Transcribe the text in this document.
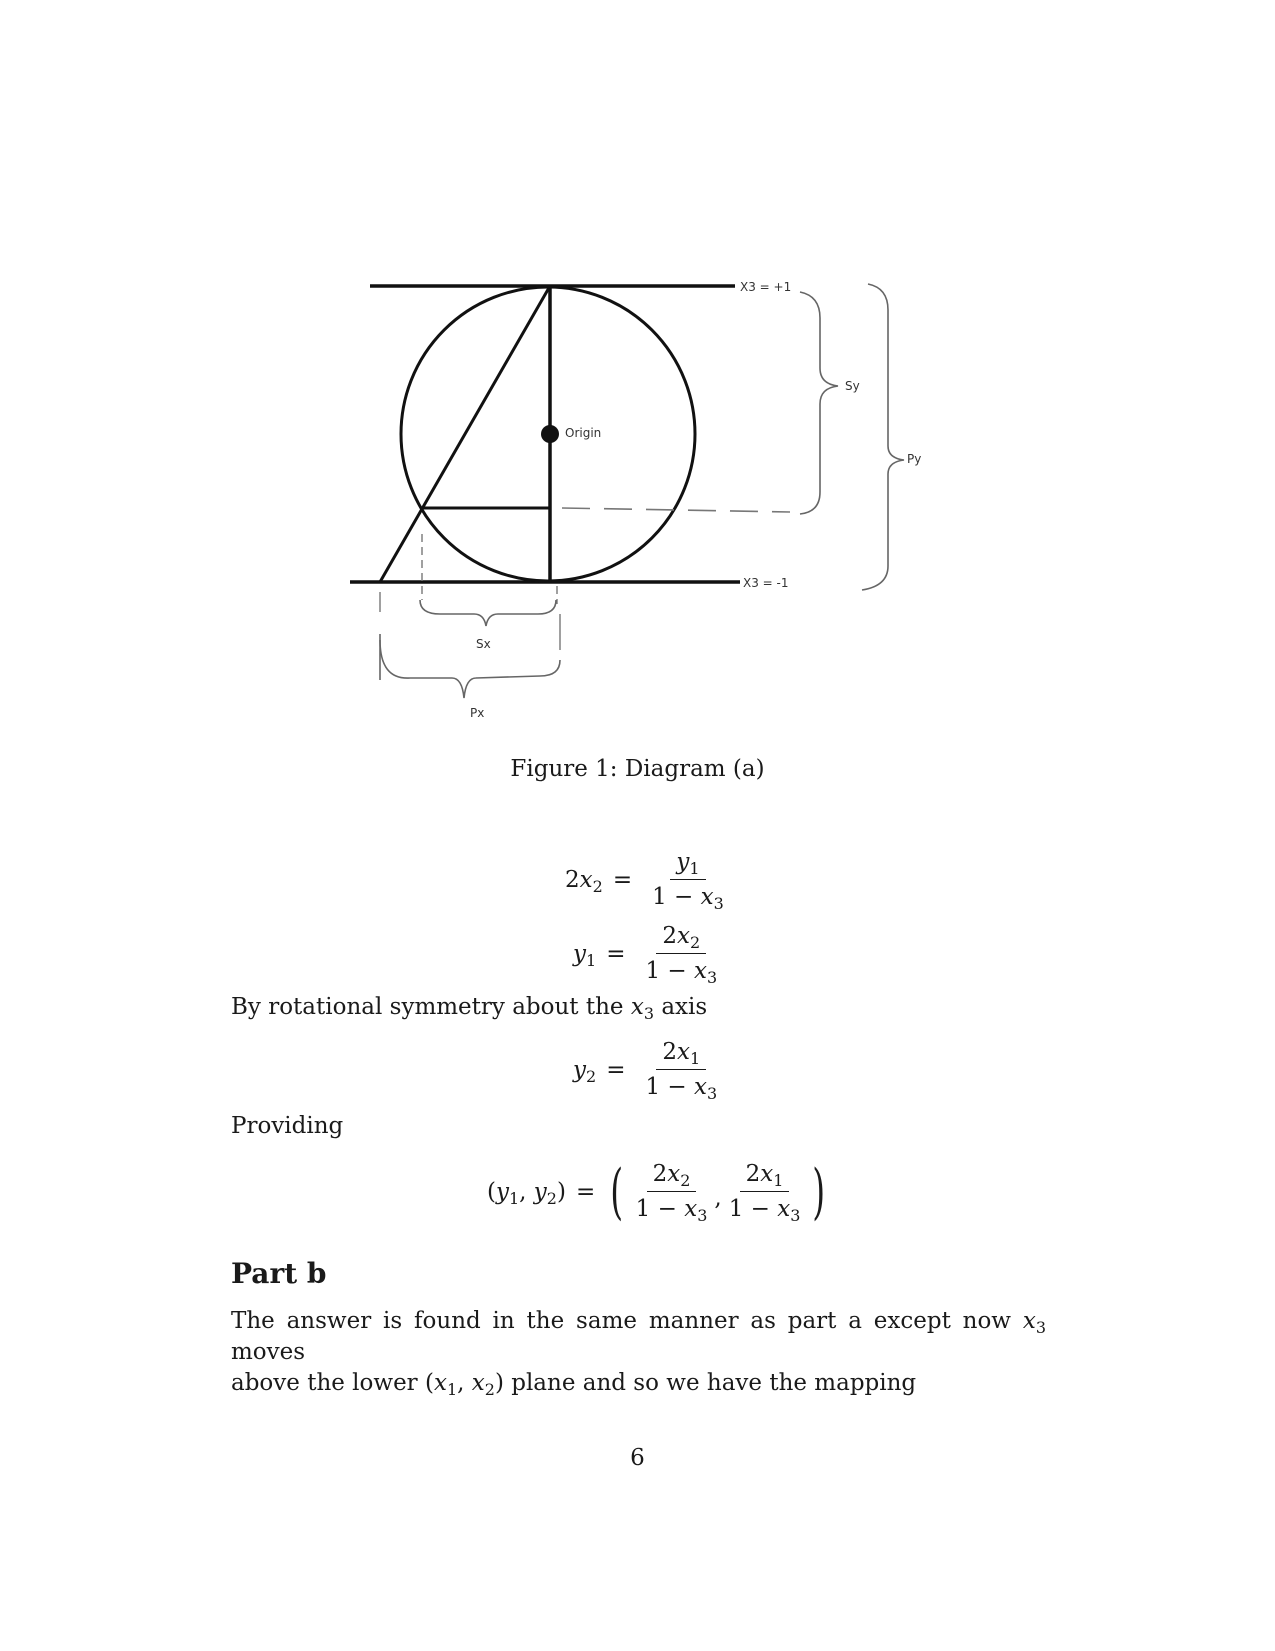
X3 = +1
X3 = -1
Origin
Sy
Py
Sx
Px
Figure 1: Diagram (a)
$2x_2 = \frac{y_1}{1 - x_3}$
$y_1 = \frac{2x_2}{1 - x_3}$
By rotational symmetry about the $x_3$ axis
$y_2 = \frac{2x_1}{1 - x_3}$
Providing
($y_1$, $y_2$) = ( $\frac{2x_2}{1 - x_3}$ , $\frac{2x_1}{1 - x_3}$ )
Part b
The answer is found in the same manner as part a except now $x_3$ moves
above the lower ($x_1$, $x_2$) plane and so we have the mapping
6
